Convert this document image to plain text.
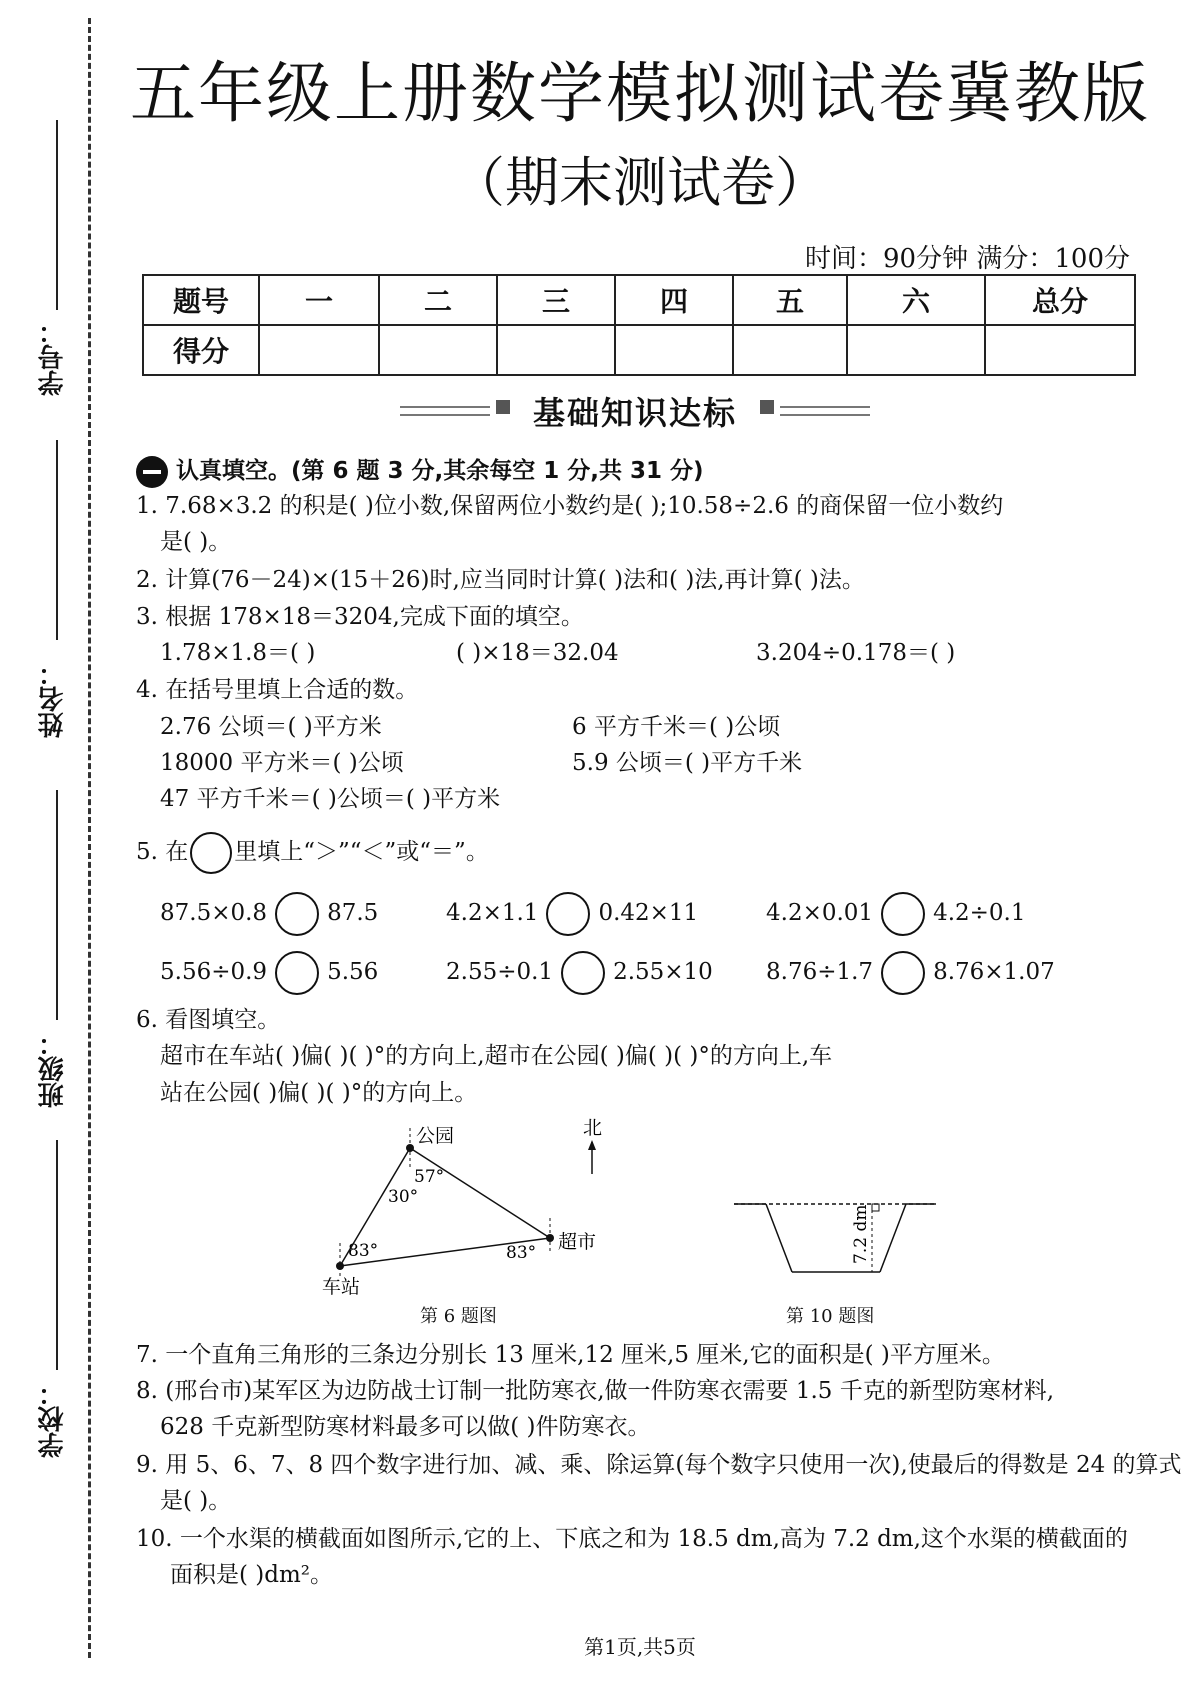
学号：
姓名：
班级：
学校：
五年级上册数学模拟测试卷冀教版
（期末测试卷）
时间：90分钟 满分：100分
题号	一	二	三	四	五	六	总分
得分							
基础知识达标
认真填空。(第 6 题 3 分,其余每空 1 分,共 31 分)
1. 7.68×3.2 的积是( )位小数,保留两位小数约是( );10.58÷2.6 的商保留一位小数约
是( )。
2. 计算(76－24)×(15＋26)时,应当同时计算( )法和( )法,再计算( )法。
3. 根据 178×18＝3204,完成下面的填空。
1.78×1.8＝( )	( )×18＝32.04	3.204÷0.178＝( )
4. 在括号里填上合适的数。
2.76 公顷＝( )平方米	6 平方千米＝( )公顷
18000 平方米＝( )公顷	5.9 公顷＝( )平方千米
47 平方千米＝( )公顷＝( )平方米
5. 在 里填上“＞”“＜”或“＝”。
87.5×0.8	87.5	4.2×1.1	0.42×11	4.2×0.01	4.2÷0.1
5.56÷0.9	5.56	2.55÷0.1	2.55×10 8.76÷1.7	8.76×1.07
6. 看图填空。
超市在车站( )偏( )( )°的方向上,超市在公园( )偏( )( )°的方向上,车
站在公园( )偏( )( )°的方向上。
公园
车站
超市
57°
30°
83°	83°
北
第 6 题图
7.2 dm
第 10 题图
7. 一个直角三角形的三条边分别长 13 厘米,12 厘米,5 厘米,它的面积是( )平方厘米。
8. (邢台市)某军区为边防战士订制一批防寒衣,做一件防寒衣需要 1.5 千克的新型防寒材料,
628 千克新型防寒材料最多可以做( )件防寒衣。
9. 用 5、6、7、8 四个数字进行加、减、乘、除运算(每个数字只使用一次),使最后的得数是 24 的算式
是( )。
10. 一个水渠的横截面如图所示,它的上、下底之和为 18.5 dm,高为 7.2 dm,这个水渠的横截面的
面积是( )dm²。
第1页,共5页
